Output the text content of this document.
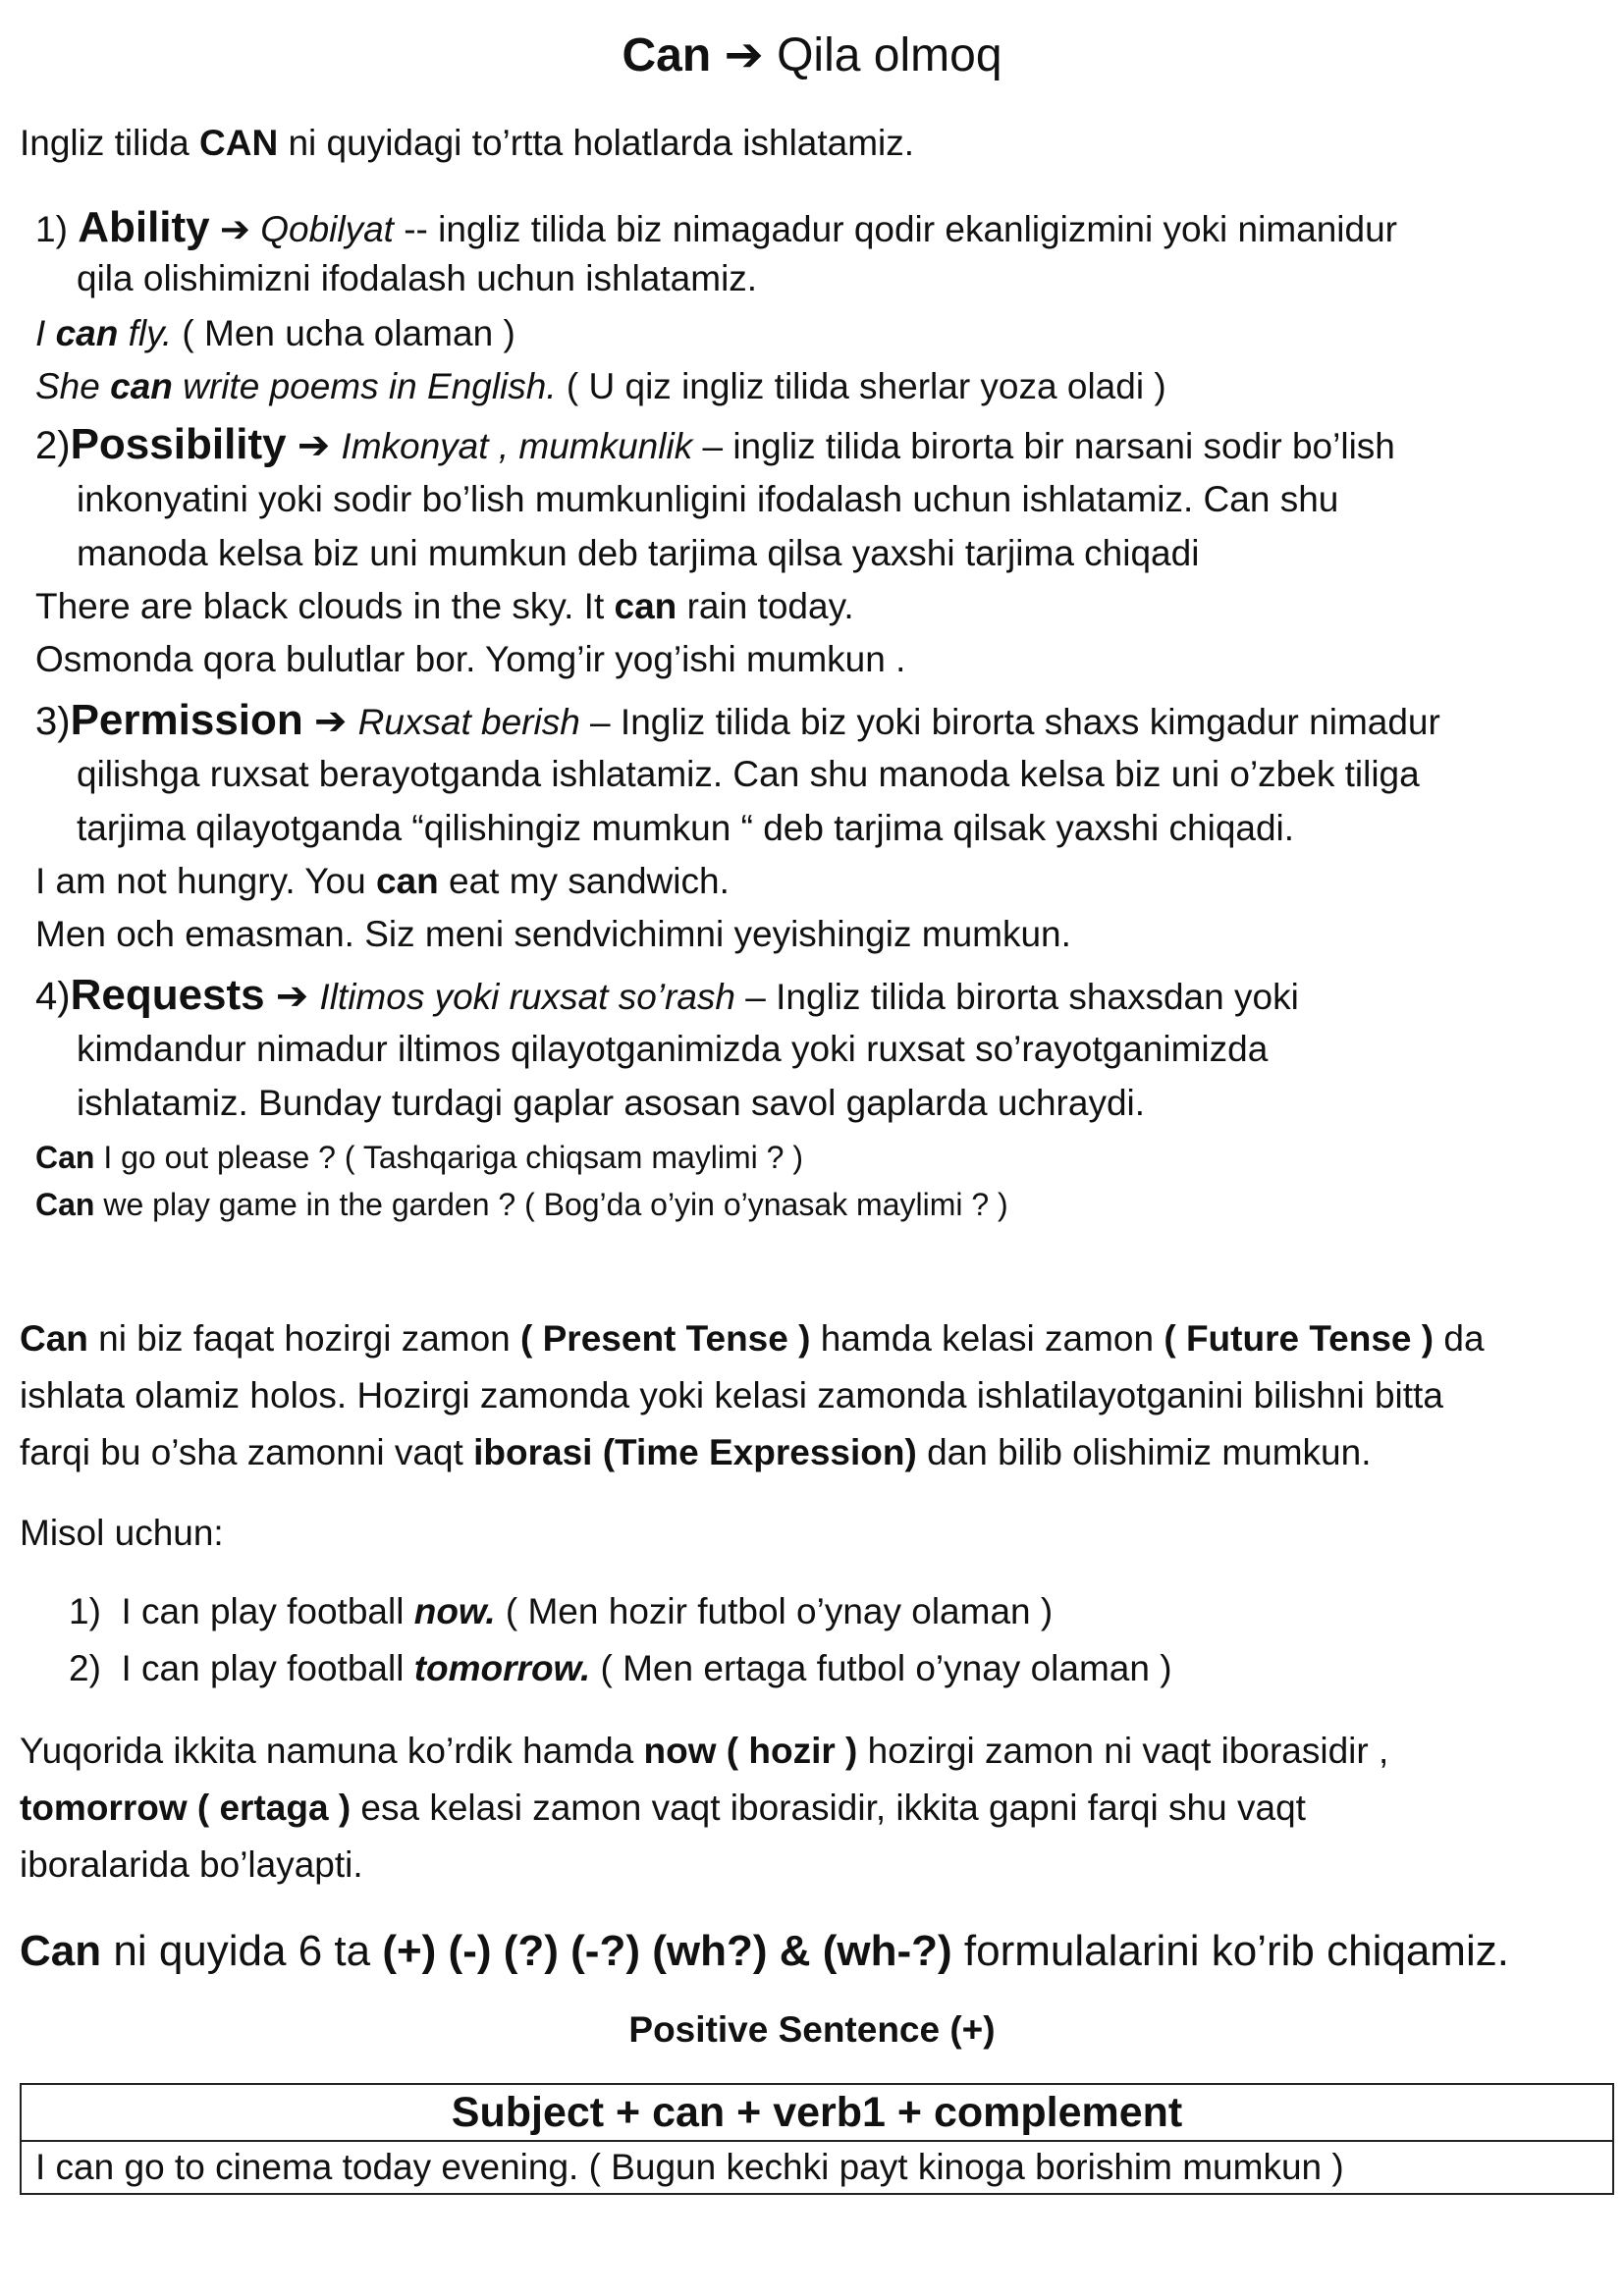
Can ➔ Qila olmoq
Ingliz tilida CAN ni quyidagi to’rtta holatlarda ishlatamiz.
1) Ability ➔ Qobilyat -- ingliz tilida biz nimagadur qodir ekanligizmini yoki nimanidur
qila olishimizni ifodalash uchun ishlatamiz.
I can fly. ( Men ucha olaman )
She can write poems in English. ( U qiz ingliz tilida sherlar yoza oladi )
2)Possibility ➔ Imkonyat , mumkunlik – ingliz tilida birorta bir narsani sodir bo’lish
inkonyatini yoki sodir bo’lish mumkunligini ifodalash uchun ishlatamiz. Can shu
manoda kelsa biz uni mumkun deb tarjima qilsa yaxshi tarjima chiqadi
There are black clouds in the sky. It can rain today.
Osmonda qora bulutlar bor. Yomg’ir yog’ishi mumkun .
3)Permission ➔ Ruxsat berish – Ingliz tilida biz yoki birorta shaxs kimgadur nimadur
qilishga ruxsat berayotganda ishlatamiz. Can shu manoda kelsa biz uni o’zbek tiliga
tarjima qilayotganda “qilishingiz mumkun “ deb tarjima qilsak yaxshi chiqadi.
I am not hungry. You can eat my sandwich.
Men och emasman. Siz meni sendvichimni yeyishingiz mumkun.
4)Requests ➔ Iltimos yoki ruxsat so’rash – Ingliz tilida birorta shaxsdan yoki
kimdandur nimadur iltimos qilayotganimizda yoki ruxsat so’rayotganimizda
ishlatamiz. Bunday turdagi gaplar asosan savol gaplarda uchraydi.
Can I go out please ? ( Tashqariga chiqsam maylimi ? )
Can we play game in the garden ? ( Bog’da o’yin o’ynasak maylimi ? )
Can ni biz faqat hozirgi zamon ( Present Tense ) hamda kelasi zamon ( Future Tense ) da
ishlata olamiz holos. Hozirgi zamonda yoki kelasi zamonda ishlatilayotganini bilishni bitta
farqi bu o’sha zamonni vaqt iborasi (Time Expression) dan bilib olishimiz mumkun.
Misol uchun:
1) I can play football now. ( Men hozir futbol o’ynay olaman )
2) I can play football tomorrow. ( Men ertaga futbol o’ynay olaman )
Yuqorida ikkita namuna ko’rdik hamda now ( hozir ) hozirgi zamon ni vaqt iborasidir ,
tomorrow ( ertaga ) esa kelasi zamon vaqt iborasidir, ikkita gapni farqi shu vaqt
iboralarida bo’layapti.
Can ni quyida 6 ta (+) (-) (?) (-?) (wh?) & (wh-?) formulalarini ko’rib chiqamiz.
Positive Sentence (+)
Subject + can + verb1 + complement
I can go to cinema today evening. ( Bugun kechki payt kinoga borishim mumkun )
